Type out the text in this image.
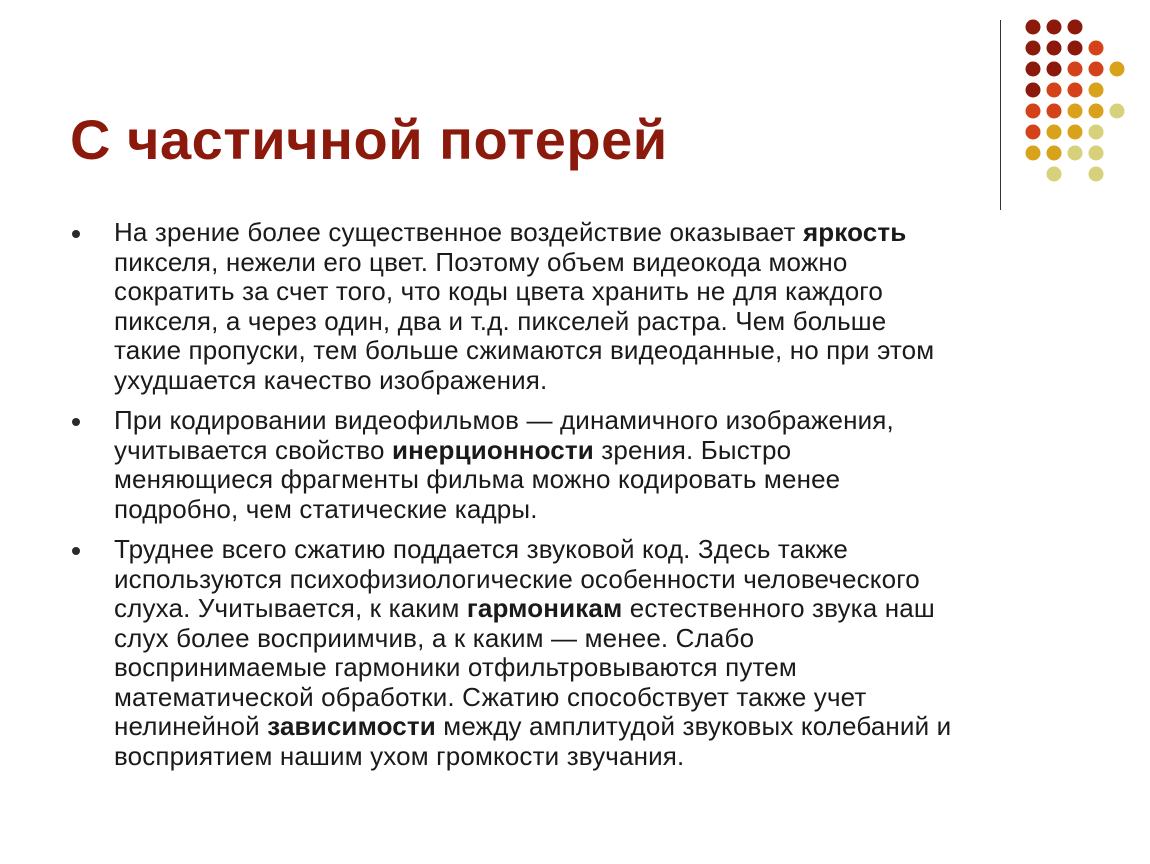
С частичной потерей
На зрение более существенное воздействие оказывает яркость
пикселя, нежели его цвет. Поэтому объем видеокода можно
сократить за счет того, что коды цвета хранить не для каждого
пикселя, а через один, два и т.д. пикселей растра. Чем больше
такие пропуски, тем больше сжимаются видеоданные, но при этом
ухудшается качество изображения.
При кодировании видеофильмов — динамичного изображения,
учитывается свойство инерционности зрения. Быстро
меняющиеся фрагменты фильма можно кодировать менее
подробно, чем статические кадры.
Труднее всего сжатию поддается звуковой код. Здесь также
используются психофизиологические особенности человеческого
слуха. Учитывается, к каким гармоникам естественного звука наш
слух более восприимчив, а к каким — менее. Слабо
воспринимаемые гармоники отфильтровываются путем
математической обработки. Сжатию способствует также учет
нелинейной зависимости между амплитудой звуковых колебаний и
восприятием нашим ухом громкости звучания.
